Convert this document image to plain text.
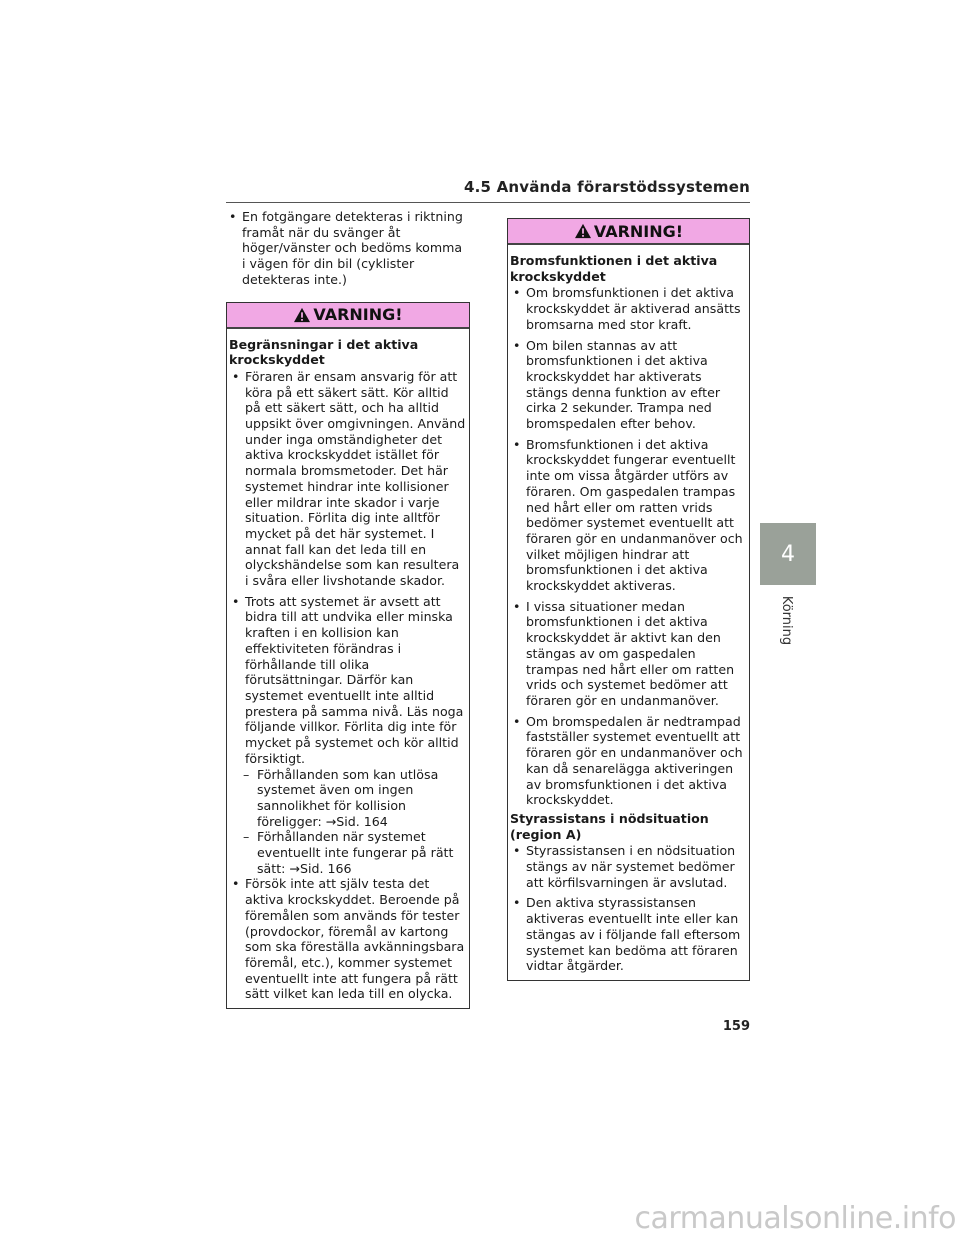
4.5 Använda förarstödssystemen
• En fotgängare detekteras i riktning framåt när du svänger åt höger/vänster och bedöms komma i vägen för din bil (cyklister detekteras inte.)
VARNING!
Begränsningar i det aktiva krockskyddet
• Föraren är ensam ansvarig för att köra på ett säkert sätt. Kör alltid på ett säkert sätt, och ha alltid uppsikt över omgivningen. Använd under inga omständigheter det aktiva krockskyddet istället för normala bromsmetoder. Det här systemet hindrar inte kollisioner eller mildrar inte skador i varje situation. Förlita dig inte alltför mycket på det här systemet. I annat fall kan det leda till en olyckshändelse som kan resultera i svåra eller livshotande skador.
• Trots att systemet är avsett att bidra till att undvika eller minska kraften i en kollision kan effektiviteten förändras i förhållande till olika förutsättningar. Därför kan systemet eventuellt inte alltid prestera på samma nivå. Läs noga följande villkor. Förlita dig inte för mycket på systemet och kör alltid försiktigt.
– Förhållanden som kan utlösa systemet även om ingen sannolikhet för kollision föreligger: →Sid. 164
– Förhållanden när systemet eventuellt inte fungerar på rätt sätt: →Sid. 166
• Försök inte att själv testa det aktiva krockskyddet. Beroende på föremålen som används för tester (provdockor, föremål av kartong som ska föreställa avkänningsbara föremål, etc.), kommer systemet eventuellt inte att fungera på rätt sätt vilket kan leda till en olycka.
VARNING!
Bromsfunktionen i det aktiva krockskyddet
• Om bromsfunktionen i det aktiva krockskyddet är aktiverad ansätts bromsarna med stor kraft.
• Om bilen stannas av att bromsfunktionen i det aktiva krockskyddet har aktiverats stängs denna funktion av efter cirka 2 sekunder. Trampa ned bromspedalen efter behov.
• Bromsfunktionen i det aktiva krockskyddet fungerar eventuellt inte om vissa åtgärder utförs av föraren. Om gaspedalen trampas ned hårt eller om ratten vrids bedömer systemet eventuellt att föraren gör en undanmanöver och vilket möjligen hindrar att bromsfunktionen i det aktiva krockskyddet aktiveras.
• I vissa situationer medan bromsfunktionen i det aktiva krockskyddet är aktivt kan den stängas av om gaspedalen trampas ned hårt eller om ratten vrids och systemet bedömer att föraren gör en undanmanöver.
• Om bromspedalen är nedtrampad fastställer systemet eventuellt att föraren gör en undanmanöver och kan då senarelägga aktiveringen av bromsfunktionen i det aktiva krockskyddet.
Styrassistans i nödsituation (region A)
• Styrassistansen i en nödsituation stängs av när systemet bedömer att körfilsvarningen är avslutad.
• Den aktiva styrassistansen aktiveras eventuellt inte eller kan stängas av i följande fall eftersom systemet kan bedöma att föraren vidtar åtgärder.
4
Körning
159
carmanualsonline.info
